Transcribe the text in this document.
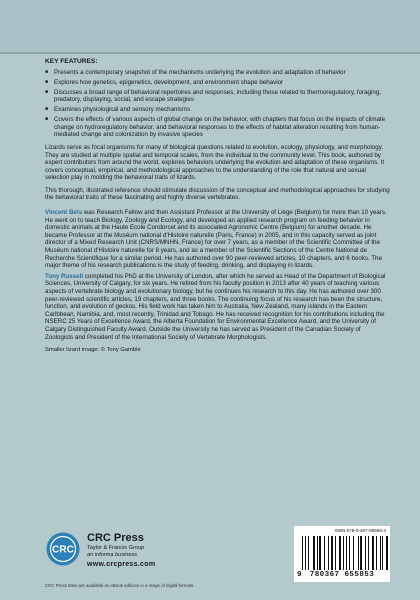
KEY FEATURES:
■ Presents a contemporary snapshot of the mechanisms underlying the evolution and adaptation of behavior
■ Explores how genetics, epigenetics, development, and environment shape behavior
■ Discusses a broad range of behavioral repertoires and responses, including those related to thermoregulatory, foraging, predatory, displaying, social, and escape strategies
■ Examines physiological and sensory mechanisms
■ Covers the effects of various aspects of global change on the behavior, with chapters that focus on the impacts of climate change on hydroregulatory behavior, and behavioral responses to the effects of habitat alteration resulting from human-mediated change and colonization by invasive species

Lizards serve as focal organisms for many of biological questions related to evolution, ecology, physiology, and morphology. They are studied at multiple spatial and temporal scales, from the individual to the community level. This book, authored by expert contributors from around the world, explores behaviors underlying the evolution and adaptation of these organisms. It covers conceptual, empirical, and methodological approaches to the understanding of the role that natural and sexual selection play in molding the behavioral traits of lizards.

This thorough, illustrated reference should stimulate discussion of the conceptual and methodological approaches for studying the behavioral traits of these fascinating and highly diverse vertebrates.

Vincent Bels was Research Fellow and then Assistant Professor at the University of Liège (Belgium) for more than 10 years. He went on to teach Biology, Zoology and Ecology, and developed an applied research program on feeding behavior in domestic animals at the Haute Ecole Condorcet and its associated Agronomic Centre (Belgium) for another decade. He became Professor at the Muséum national d'Histoire naturelle (Paris, France) in 2005, and in this capacity served as joint director of a Mixed Research Unit (CNRS/MNHN, France) for over 7 years, as a member of the Scientific Committee of the Muséum national d'Histoire naturelle for 8 years, and as a member of the Scientific Sections of the Centre National de Recherche Scientifique for a similar period. He has authored over 90 peer-reviewed articles, 10 chapters, and 6 books. The major theme of his research publications is the study of feeding, drinking, and displaying in lizards.

Tony Russell completed his PhD at the University of London, after which he served as Head of the Department of Biological Sciences, University of Calgary, for six years. He retired from his faculty position in 2013 after 40 years of teaching various aspects of vertebrate biology and evolutionary biology, but he continues his research to this day. He has authored over 300 peer-reviewed scientific articles, 19 chapters, and three books. The continuing focus of his research has been the structure, function, and evolution of geckos. His field work has taken him to Australia, New Zealand, many islands in the Eastern Caribbean, Namibia, and, most recently, Trinidad and Tobago. He has received recognition for his contributions including the NSERC 25 Years of Excellence Award, the Alberta Foundation for Environmental Excellence Award, and the University of Calgary Distinguished Faculty Award. Outside the University he has served as President of the Canadian Society of Zoologists and President of the International Society of Vertebrate Morphologists.

Smaller lizard image: © Tony Gamble
CRC
CRC Press
Taylor & Francis Group
an informa business
www.crcpress.com
CRC Press titles are available as eBook editions in a range of digital formats
ISBN 978-0-367-65585-3
9	780367 655853
